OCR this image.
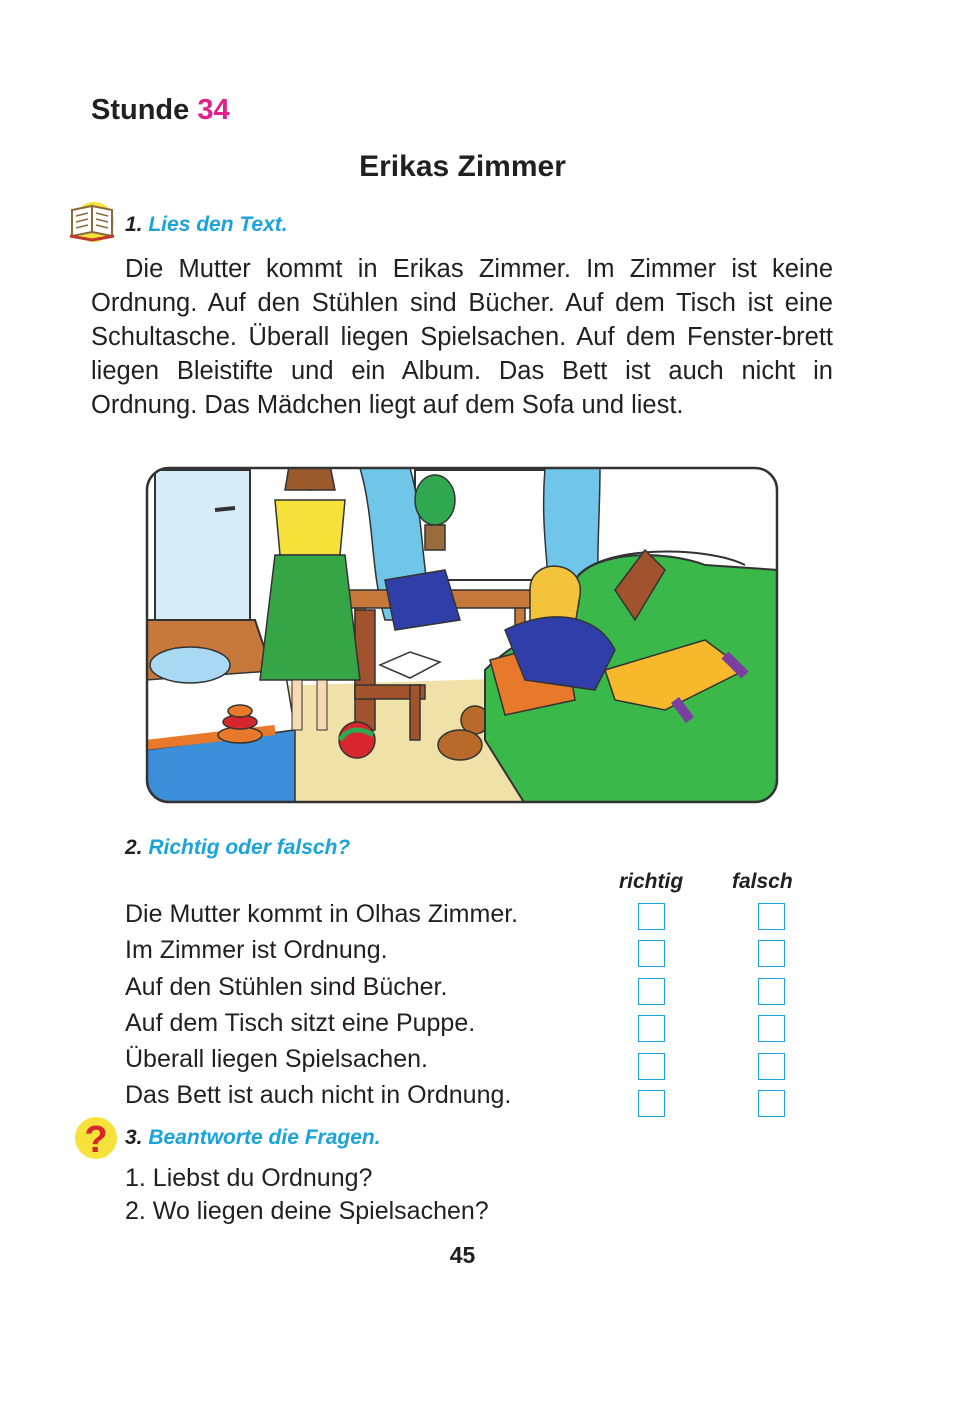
Stunde 34
Erikas Zimmer
1. Lies den Text.

Die Mutter kommt in Erikas Zimmer. Im Zimmer ist keine Ordnung. Auf den Stühlen sind Bücher. Auf dem Tisch ist eine Schultasche. Überall liegen Spielsachen. Auf dem Fenster-brett liegen Bleistifte und ein Album. Das Bett ist auch nicht in Ordnung. Das Mädchen liegt auf dem Sofa und liest.

2. Richtig oder falsch?
richtig falsch
Die Mutter kommt in Olhas Zimmer.
Im Zimmer ist Ordnung.
Auf den Stühlen sind Bücher.
Auf dem Tisch sitzt eine Puppe.
Überall liegen Spielsachen.
Das Bett ist auch nicht in Ordnung.
? 3. Beantworte die Fragen.
1. Liebst du Ordnung?
2. Wo liegen deine Spielsachen?
45
